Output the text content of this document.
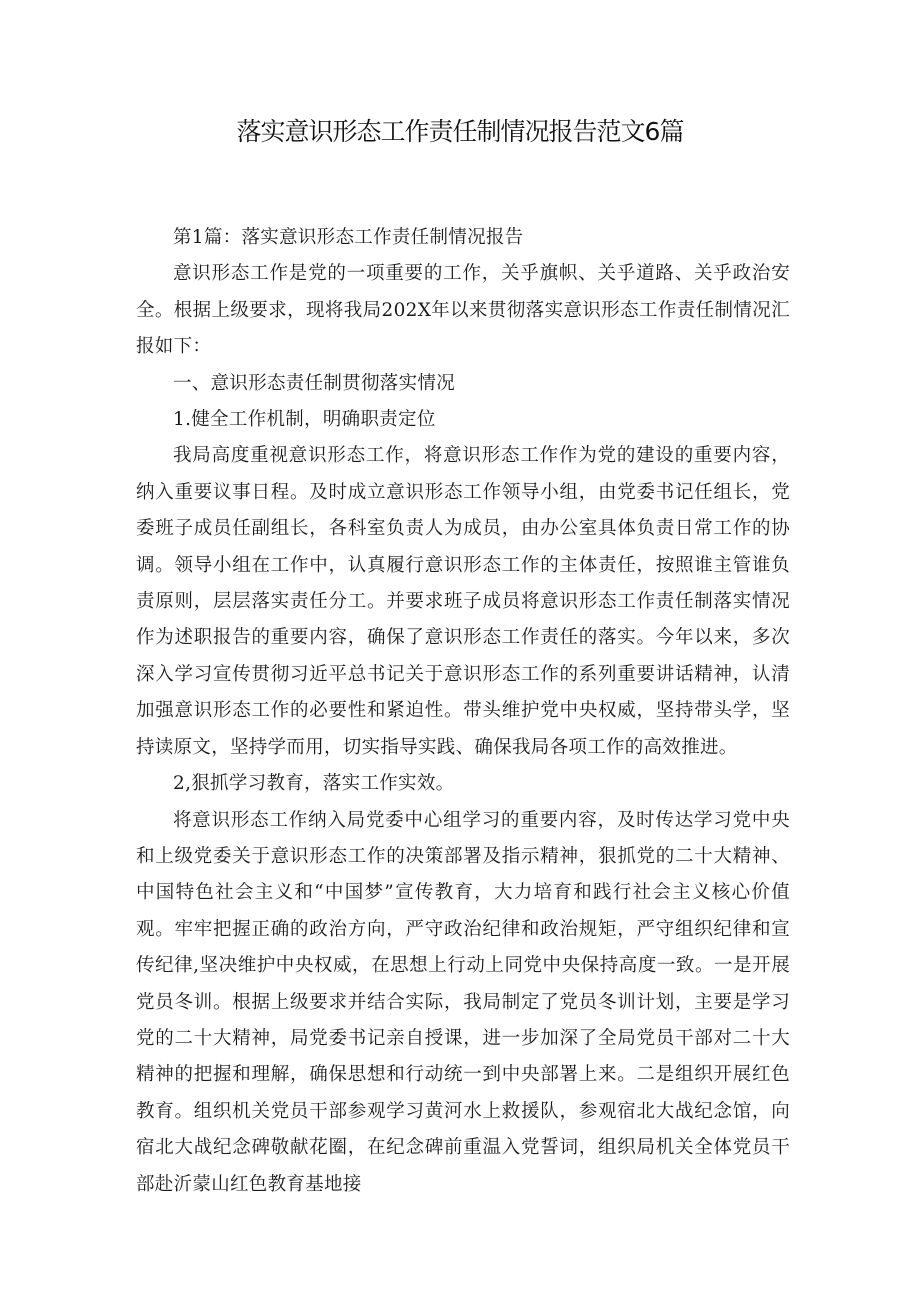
落实意识形态工作责任制情况报告范文6篇

第1篇：落实意识形态工作责任制情况报告

意识形态工作是党的一项重要的工作，关乎旗帜、关乎道路、关乎政治安全。根据上级要求，现将我局202X年以来贯彻落实意识形态工作责任制情况汇报如下：

一、意识形态责任制贯彻落实情况

1.健全工作机制，明确职责定位

我局高度重视意识形态工作，将意识形态工作作为党的建设的重要内容，纳入重要议事日程。及时成立意识形态工作领导小组，由党委书记任组长，党委班子成员任副组长，各科室负责人为成员，由办公室具体负责日常工作的协调。领导小组在工作中，认真履行意识形态工作的主体责任，按照谁主管谁负责原则，层层落实责任分工。并要求班子成员将意识形态工作责任制落实情况作为述职报告的重要内容，确保了意识形态工作责任的落实。今年以来，多次深入学习宣传贯彻习近平总书记关于意识形态工作的系列重要讲话精神，认清加强意识形态工作的必要性和紧迫性。带头维护党中央权威，坚持带头学，坚持读原文，坚持学而用，切实指导实践、确保我局各项工作的高效推进。

2,狠抓学习教育，落实工作实效。

将意识形态工作纳入局党委中心组学习的重要内容，及时传达学习党中央和上级党委关于意识形态工作的决策部署及指示精神，狠抓党的二十大精神、中国特色社会主义和“中国梦”宣传教育，大力培育和践行社会主义核心价值观。牢牢把握正确的政治方向，严守政治纪律和政治规矩，严守组织纪律和宣传纪律,坚决维护中央权威，在思想上行动上同党中央保持高度一致。一是开展党员冬训。根据上级要求并结合实际，我局制定了党员冬训计划，主要是学习党的二十大精神，局党委书记亲自授课，进一步加深了全局党员干部对二十大精神的把握和理解，确保思想和行动统一到中央部署上来。二是组织开展红色教育。组织机关党员干部参观学习黄河水上救援队，参观宿北大战纪念馆，向宿北大战纪念碑敬献花圈，在纪念碑前重温入党誓词，组织局机关全体党员干部赴沂蒙山红色教育基地接
